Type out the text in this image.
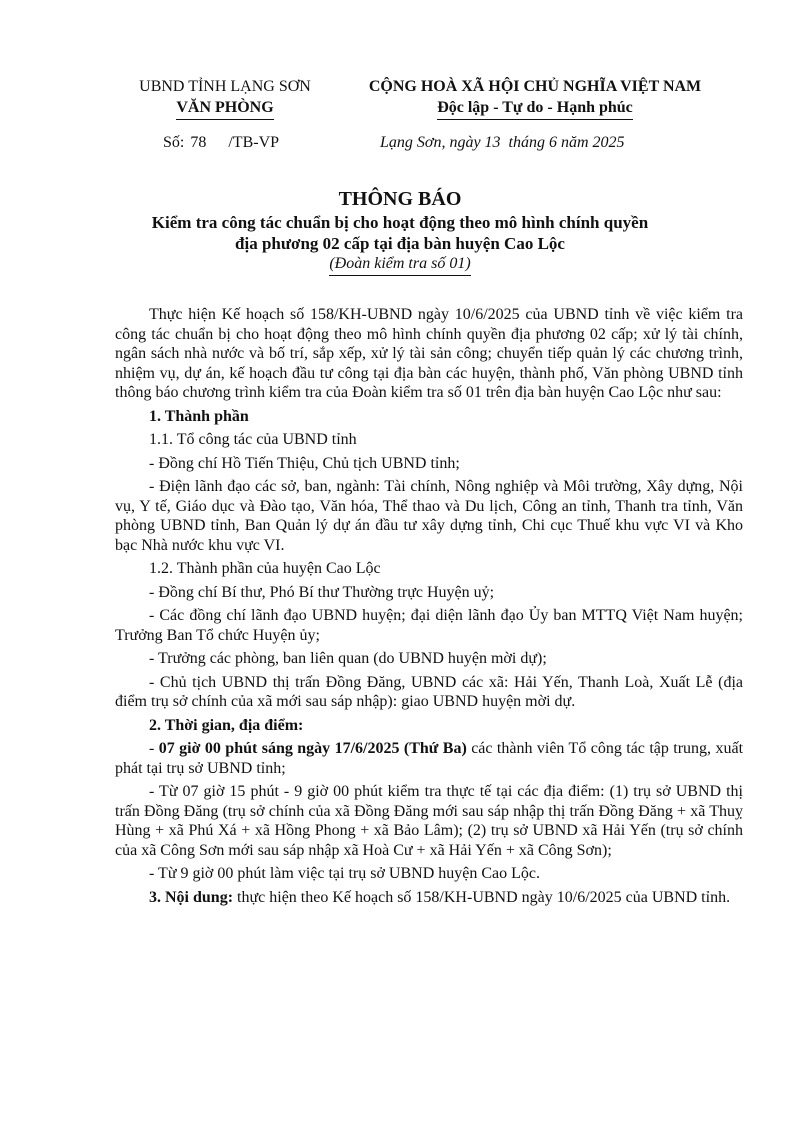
UBND TỈNH LẠNG SƠN
VĂN PHÒNG
CỘNG HOÀ XÃ HỘI CHỦ NGHĨA VIỆT NAM
Độc lập - Tự do - Hạnh phúc
Số: 78 /TB-VP	Lạng Sơn, ngày 13 tháng 6 năm 2025
THÔNG BÁO
Kiểm tra công tác chuẩn bị cho hoạt động theo mô hình chính quyền
địa phương 02 cấp tại địa bàn huyện Cao Lộc
(Đoàn kiểm tra số 01)

Thực hiện Kế hoạch số 158/KH-UBND ngày 10/6/2025 của UBND tỉnh về việc kiểm tra công tác chuẩn bị cho hoạt động theo mô hình chính quyền địa phương 02 cấp; xử lý tài chính, ngân sách nhà nước và bố trí, sắp xếp, xử lý tài sản công; chuyển tiếp quản lý các chương trình, nhiệm vụ, dự án, kế hoạch đầu tư công tại địa bàn các huyện, thành phố, Văn phòng UBND tỉnh thông báo chương trình kiểm tra của Đoàn kiểm tra số 01 trên địa bàn huyện Cao Lộc như sau:

1. Thành phần

1.1. Tổ công tác của UBND tỉnh

- Đồng chí Hồ Tiến Thiệu, Chủ tịch UBND tỉnh;

- Điện lãnh đạo các sở, ban, ngành: Tài chính, Nông nghiệp và Môi trường, Xây dựng, Nội vụ, Y tế, Giáo dục và Đào tạo, Văn hóa, Thể thao và Du lịch, Công an tỉnh, Thanh tra tỉnh, Văn phòng UBND tỉnh, Ban Quản lý dự án đầu tư xây dựng tỉnh, Chi cục Thuế khu vực VI và Kho bạc Nhà nước khu vực VI.

1.2. Thành phần của huyện Cao Lộc

- Đồng chí Bí thư, Phó Bí thư Thường trực Huyện uỷ;

- Các đồng chí lãnh đạo UBND huyện; đại diện lãnh đạo Ủy ban MTTQ Việt Nam huyện; Trưởng Ban Tổ chức Huyện ủy;

- Trưởng các phòng, ban liên quan (do UBND huyện mời dự);

- Chủ tịch UBND thị trấn Đồng Đăng, UBND các xã: Hải Yến, Thanh Loà, Xuất Lễ (địa điểm trụ sở chính của xã mới sau sáp nhập): giao UBND huyện mời dự.

2. Thời gian, địa điểm:

- 07 giờ 00 phút sáng ngày 17/6/2025 (Thứ Ba) các thành viên Tổ công tác tập trung, xuất phát tại trụ sở UBND tỉnh;

- Từ 07 giờ 15 phút - 9 giờ 00 phút kiểm tra thực tế tại các địa điểm: (1) trụ sở UBND thị trấn Đồng Đăng (trụ sở chính của xã Đồng Đăng mới sau sáp nhập thị trấn Đồng Đăng + xã Thuỵ Hùng + xã Phú Xá + xã Hồng Phong + xã Bảo Lâm); (2) trụ sở UBND xã Hải Yến (trụ sở chính của xã Công Sơn mới sau sáp nhập xã Hoà Cư + xã Hải Yến + xã Công Sơn);

- Từ 9 giờ 00 phút làm việc tại trụ sở UBND huyện Cao Lộc.

3. Nội dung: thực hiện theo Kế hoạch số 158/KH-UBND ngày 10/6/2025 của UBND tỉnh.
